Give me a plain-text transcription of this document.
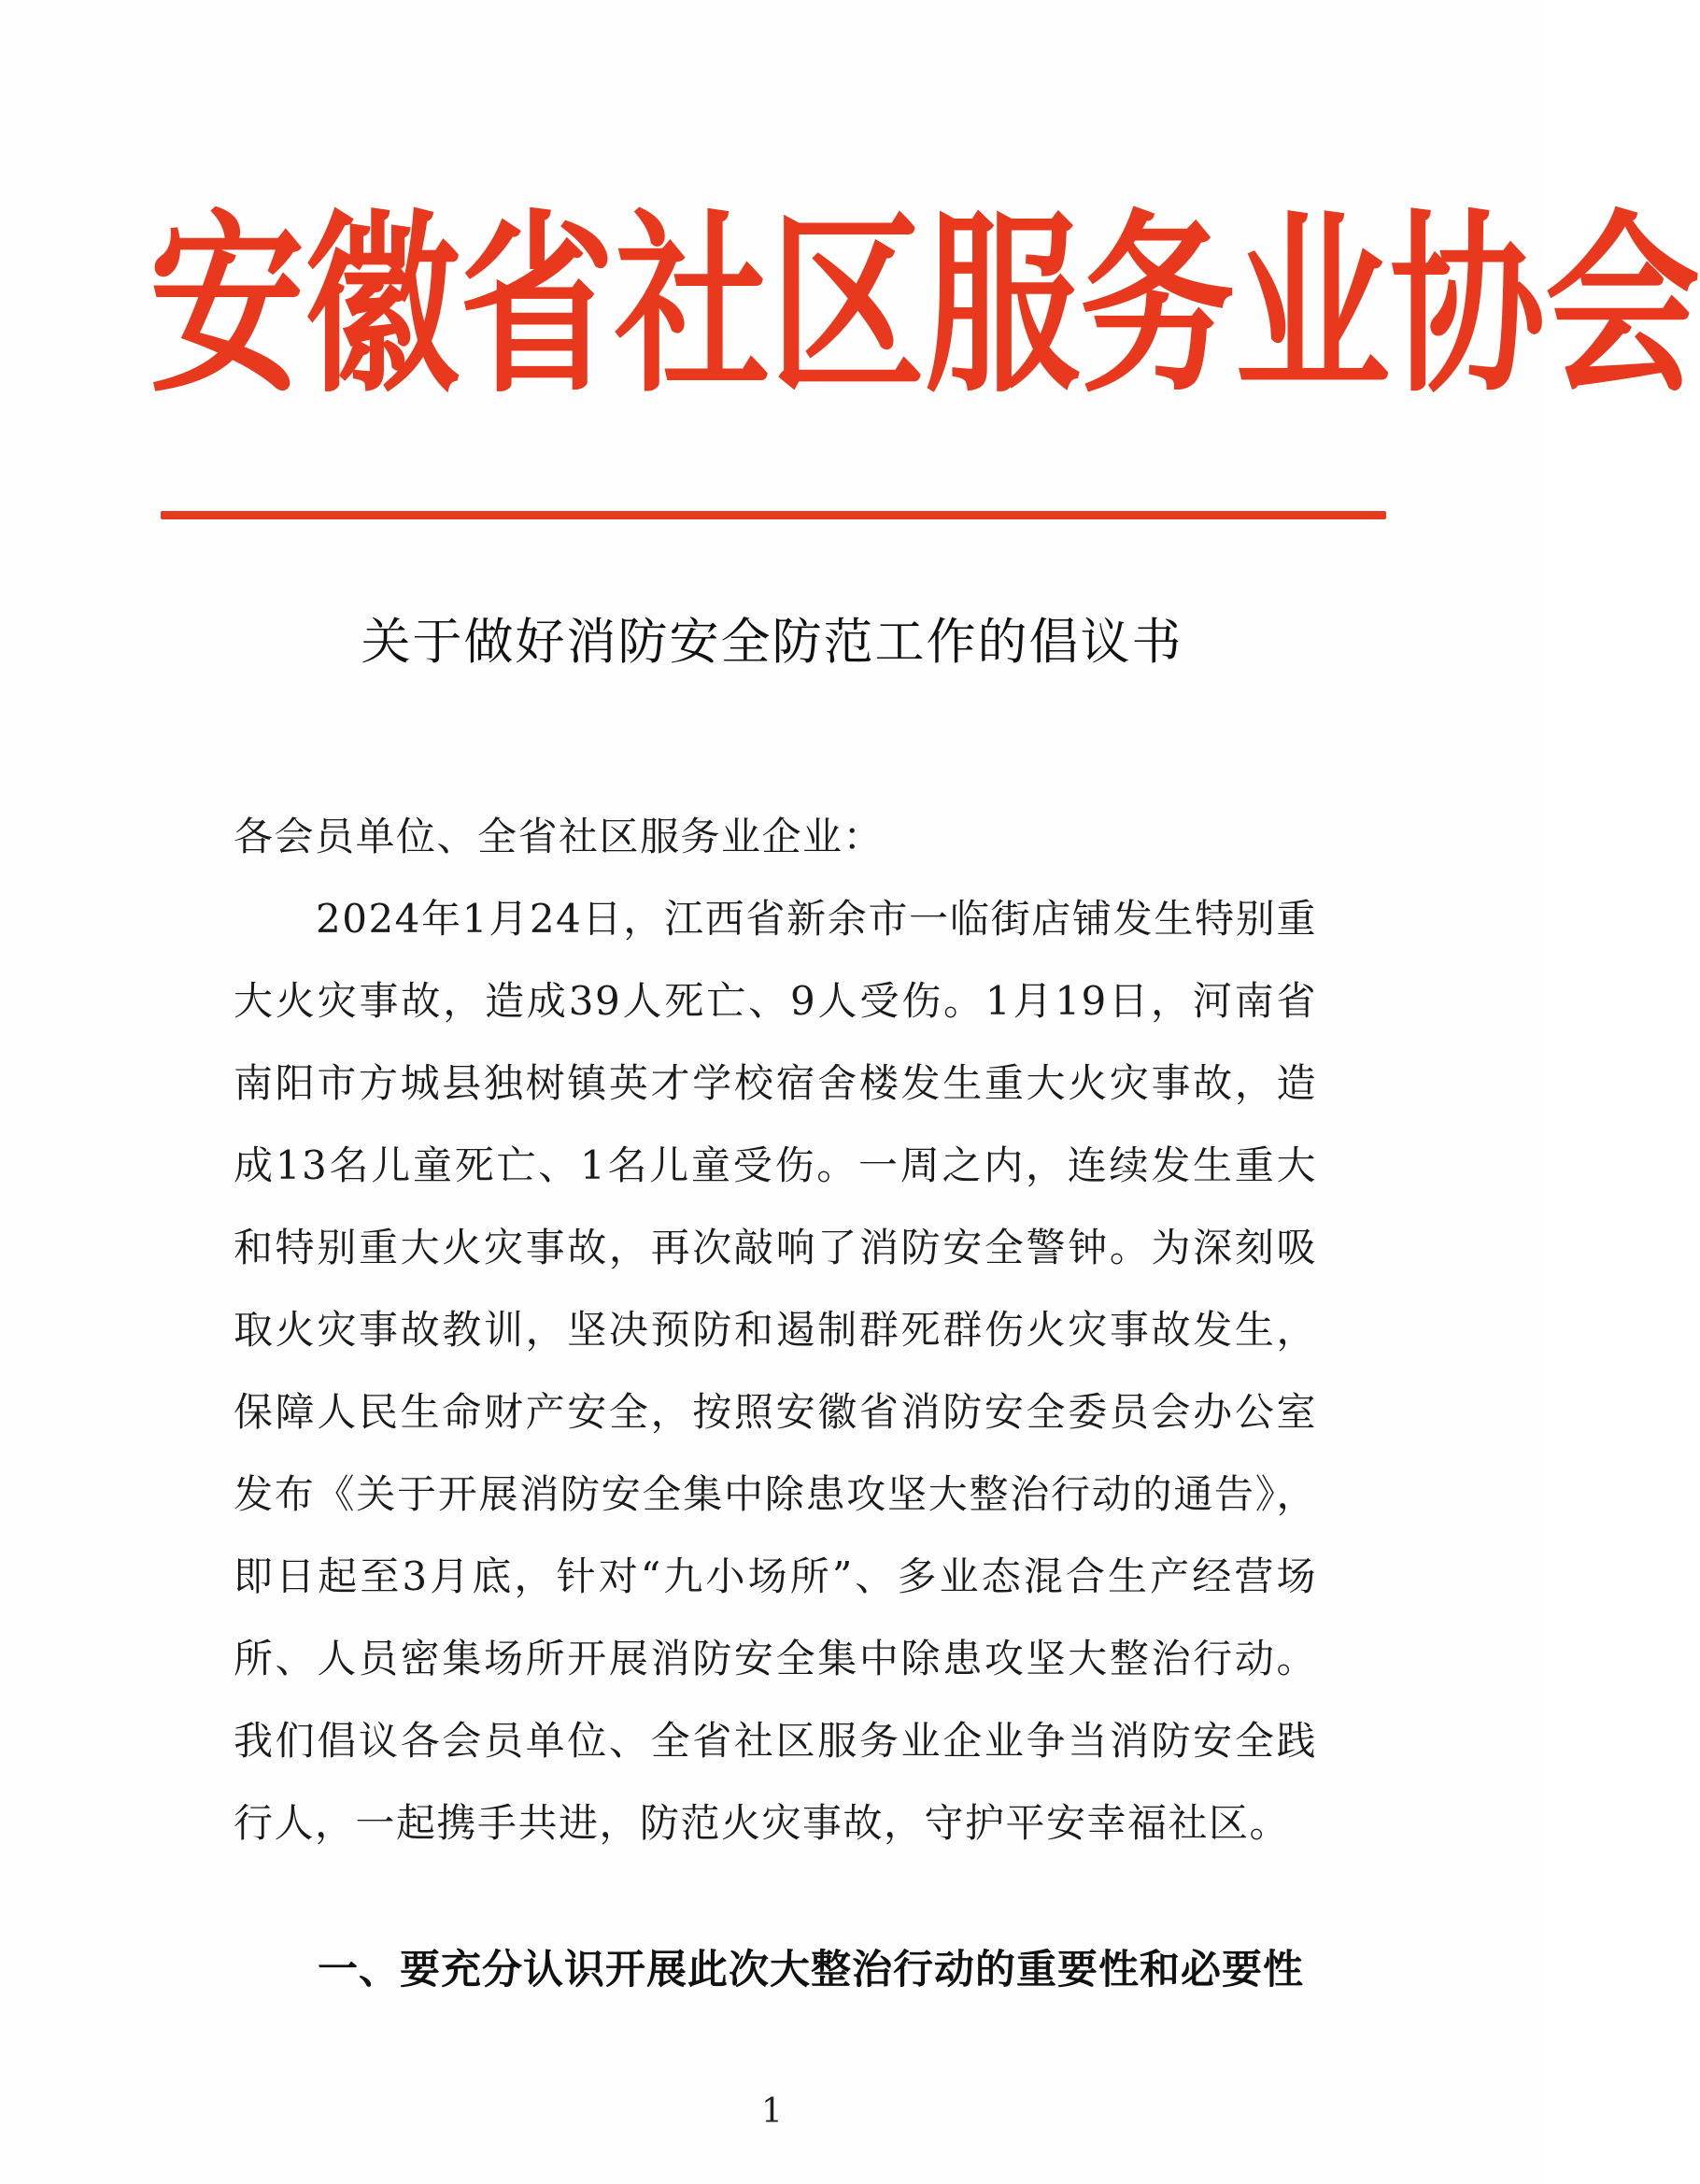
安 徽 省 社 区 服 务 业 协 会
关于做好消防安全防范工作的倡议书

各会员单位、全省社区服务业企业：

2024年1月24日，江西省新余市一临街店铺发生特别重大火灾事故，造成39人死亡、9人受伤。1月19日，河南省南阳市方城县独树镇英才学校宿舍楼发生重大火灾事故，造成13名儿童死亡、1名儿童受伤。一周之内，连续发生重大和特别重大火灾事故，再次敲响了消防安全警钟。为深刻吸取火灾事故教训，坚决预防和遏制群死群伤火灾事故发生，保障人民生命财产安全，按照安徽省消防安全委员会办公室发布《关于开展消防安全集中除患攻坚大整治行动的通告》，即日起至3月底，针对“九小场所”、多业态混合生产经营场所、人员密集场所开展消防安全集中除患攻坚大整治行动。我们倡议各会员单位、全省社区服务业企业争当消防安全践行人，一起携手共进，防范火灾事故，守护平安幸福社区。

一、要充分认识开展此次大整治行动的重要性和必要性
1
